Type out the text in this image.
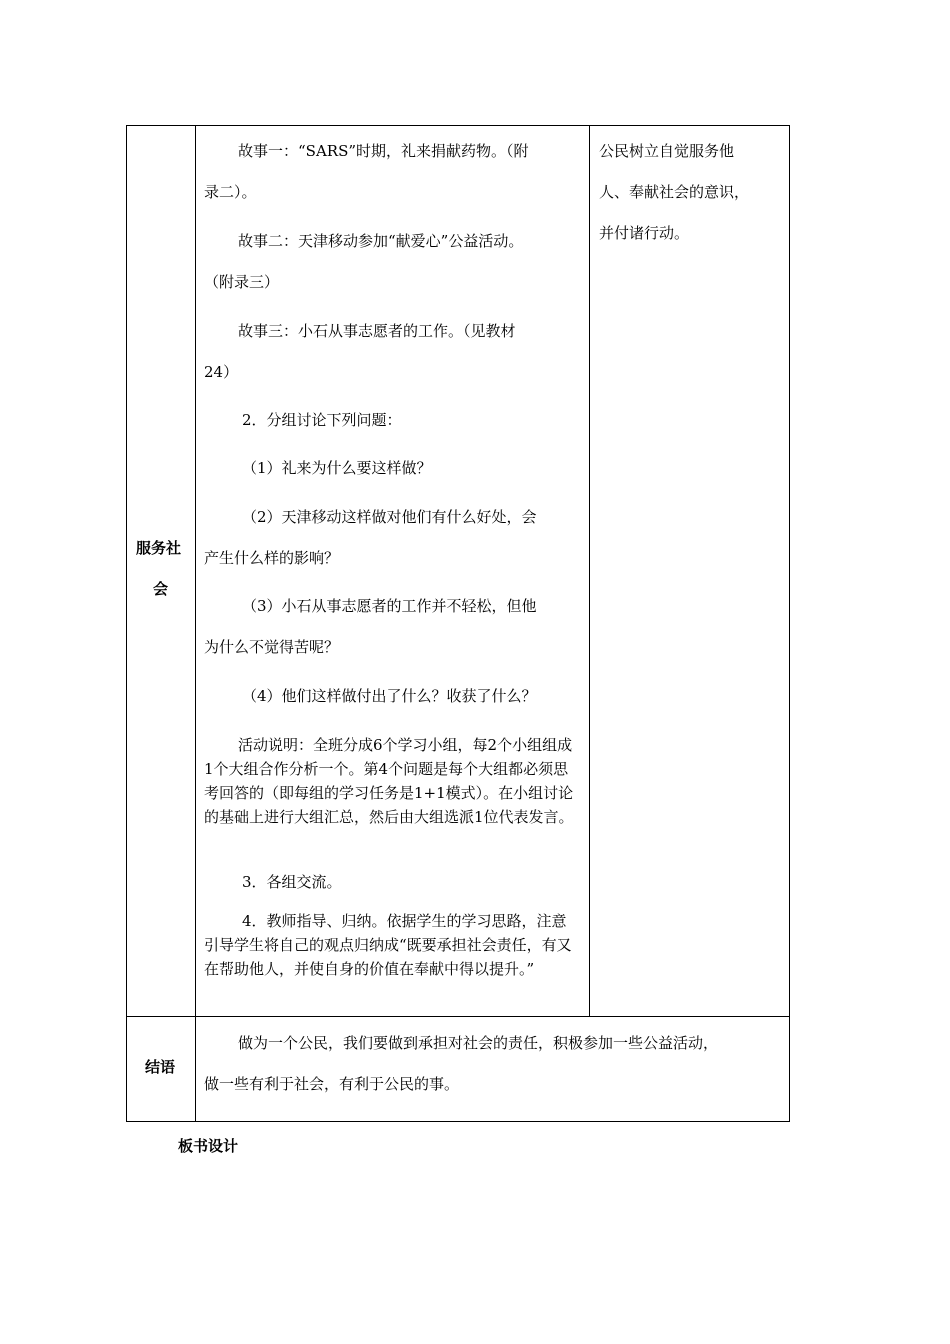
服务社
会
故事一：“SARS”时期，礼来捐献药物。（附
录二）。
故事二：天津移动参加“献爱心”公益活动。
（附录三）
故事三：小石从事志愿者的工作。（见教材
24）
2．分组讨论下列问题：
（1）礼来为什么要这样做？
（2）天津移动这样做对他们有什么好处，会
产生什么样的影响？
（3）小石从事志愿者的工作并不轻松，但他
为什么不觉得苦呢？
（4）他们这样做付出了什么？收获了什么？
活动说明：全班分成6个学习小组，每2个小组组成1个大组合作分析一个。第4个问题是每个大组都必须思考回答的（即每组的学习任务是1+1模式）。在小组讨论的基础上进行大组汇总，然后由大组选派1位代表发言。
3．各组交流。
4．教师指导、归纳。依据学生的学习思路，注意引导学生将自己的观点归纳成“既要承担社会责任，有又在帮助他人，并使自身的价值在奉献中得以提升。”
公民树立自觉服务他
人、奉献社会的意识，
并付诸行动。
结语
做为一个公民，我们要做到承担对社会的责任，积极参加一些公益活动，
做一些有利于社会，有利于公民的事。
板书设计
